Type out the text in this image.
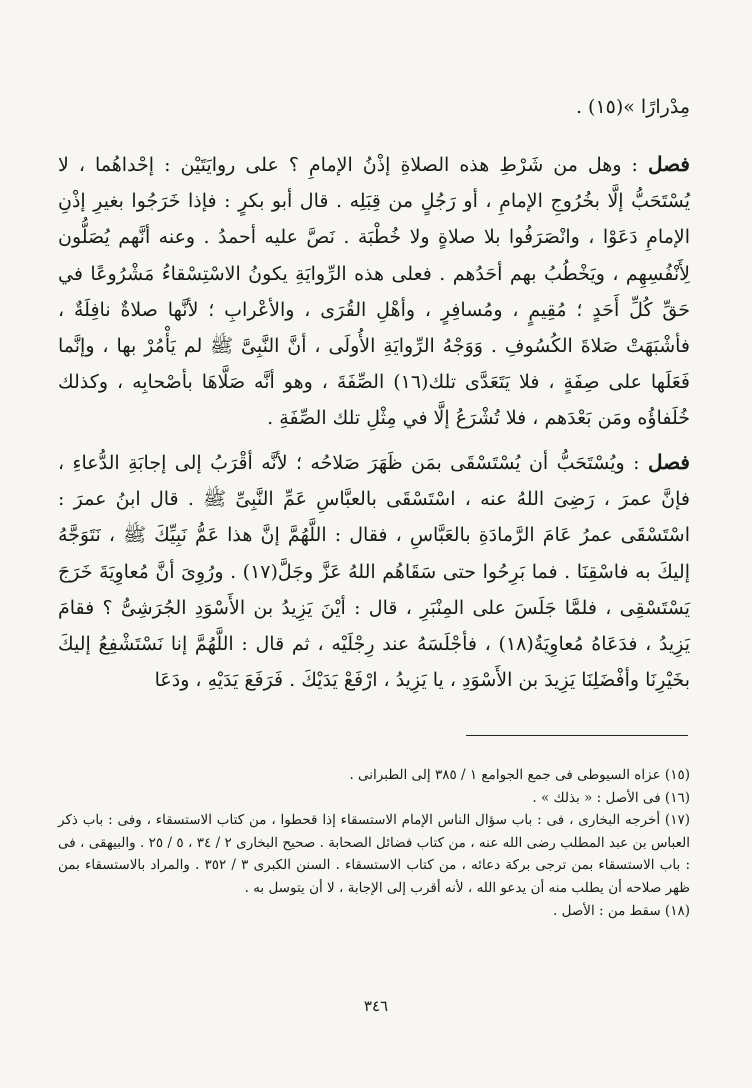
مِدْرارًا »(١٥) .
فصل : وهل من شَرْطِ هذه الصلاةِ إذْنُ الإمامِ ؟ على روايَتَيْن : إحْداهُما ، لا يُسْتَحَبُّ إلَّا بخُرُوجِ الإمامِ ، أو رَجُلٍ من قِبَلِه . قال أبو بكرٍ : فإذا خَرَجُوا بغيرِ إذْنِ الإمامِ دَعَوْا ، وانْصَرَفُوا بلا صلاةٍ ولا خُطْبَة . نَصَّ عليه أحمدُ . وعنه أنَّهم يُصَلُّون لِأَنْفُسِهِم ، ويَخْطُبُ بهم أحَدُهم . فعلى هذه الرِّوايَةِ يكونُ الاسْتِسْقاءُ مَشْرُوعًا في حَقِّ كُلِّ أَحَدٍ ؛ مُقِيمٍ ، ومُسافِرٍ ، وأهْلِ القُرَى ، والأعْرابِ ؛ لأنَّها صلاةٌ نافِلَةٌ ، فأشْبَهَتْ صَلاةَ الكُسُوفِ . وَوَجْهُ الرِّوايَةِ الأُولَى ، أنَّ النَّبِىَّ ﷺ لم يَأْمُرْ بها ، وإنَّما فَعَلَها على صِفَةٍ ، فلا يَتَعَدَّى تلك(١٦) الصِّفَةَ ، وهو أنَّه صَلَّاهَا بأصْحابِه ، وكذلك خُلَفاؤُه ومَن بَعْدَهم ، فلا تُشْرَعُ إلَّا في مِثْلِ تلك الصِّفَةِ .
فصل : ويُسْتَحَبُّ أن يُسْتَسْقَى بمَن ظَهَرَ صَلاحُه ؛ لأنَّه أقْرَبُ إلى إجابَةِ الدُّعاءِ ، فإنَّ عمرَ ، رَضِىَ اللهُ عنه ، اسْتَسْقَى بالعبَّاسِ عَمِّ النَّبِىِّ ﷺ . قال ابنُ عمرَ : اسْتَسْقَى عمرُ عَامَ الرَّمادَةِ بالعَبَّاسِ ، فقال : اللَّهُمَّ إنَّ هذا عَمُّ نَبِيِّكَ ﷺ ، نَتَوَجَّهُ إليكَ به فاسْقِنَا . فما بَرِحُوا حتى سَقَاهُم اللهُ عَزَّ وجَلَّ(١٧) . ورُوِىَ أنَّ مُعاوِيَةَ خَرَجَ يَسْتَسْقِى ، فلمَّا جَلَسَ على المِنْبَرِ ، قال : أيْنَ يَزِيدُ بن الأَسْوَدِ الجُرَشِىُّ ؟ فقامَ يَزِيدُ ، فدَعَاهُ مُعاوِيَةُ(١٨) ، فأجْلَسَهُ عند رِجْلَيْه ، ثم قال : اللَّهُمَّ إنا نَسْتَشْفِعُ إليكَ بخَيْرِنَا وأفْضَلِنَا يَزِيدَ بن الأَسْوَدِ ، يا يَزِيدُ ، ارْفَعْ يَدَيْكَ . فَرَفَعَ يَدَيْهِ ، ودَعَا
(١٥) عزاه السيوطى فى جمع الجوامع ١ / ٣٨٥ إلى الطبرانى .
(١٦) فى الأصل : « بذلك » .
(١٧) أخرجه البخارى ، فى : باب سؤال الناس الإمام الاستسقاء إذا قحطوا ، من كتاب الاستسقاء ، وفى : باب ذكر العباس بن عبد المطلب رضى الله عنه ، من كتاب فضائل الصحابة . صحيح البخارى ٢ / ٣٤ ، ٥ / ٢٥ . والبيهقى ، فى : باب الاستسقاء بمن ترجى بركة دعائه ، من كتاب الاستسقاء . السنن الكبرى ٣ / ٣٥٢ . والمراد بالاستسقاء بمن ظهر صلاحه أن يطلب منه أن يدعو الله ، لأنه أقرب إلى الإجابة ، لا أن يتوسل به .
(١٨) سقط من : الأصل .
٣٤٦
